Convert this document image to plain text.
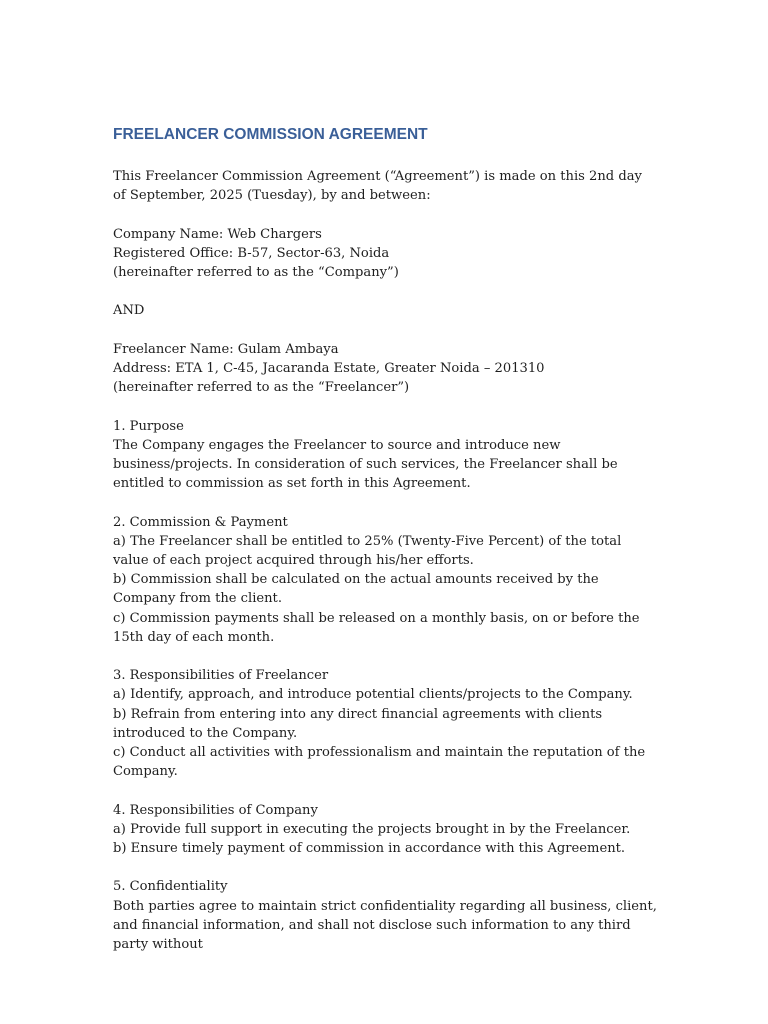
FREELANCER COMMISSION AGREEMENT

This Freelancer Commission Agreement (“Agreement”) is made on this 2nd day of September, 2025 (Tuesday), by and between:

Company Name: Web Chargers

Registered Office: B-57, Sector-63, Noida

(hereinafter referred to as the “Company”)

AND

Freelancer Name: Gulam Ambaya

Address: ETA 1, C-45, Jacaranda Estate, Greater Noida – 201310

(hereinafter referred to as the “Freelancer”)

1. Purpose

The Company engages the Freelancer to source and introduce new business/projects. In consideration of such services, the Freelancer shall be entitled to commission as set forth in this Agreement.

2. Commission & Payment

a) The Freelancer shall be entitled to 25% (Twenty-Five Percent) of the total value of each project acquired through his/her efforts.

b) Commission shall be calculated on the actual amounts received by the Company from the client.

c) Commission payments shall be released on a monthly basis, on or before the 15th day of each month.

3. Responsibilities of Freelancer

a) Identify, approach, and introduce potential clients/projects to the Company.

b) Refrain from entering into any direct financial agreements with clients introduced to the Company.

c) Conduct all activities with professionalism and maintain the reputation of the Company.

4. Responsibilities of Company

a) Provide full support in executing the projects brought in by the Freelancer.

b) Ensure timely payment of commission in accordance with this Agreement.

5. Confidentiality

Both parties agree to maintain strict confidentiality regarding all business, client, and financial information, and shall not disclose such information to any third party without
